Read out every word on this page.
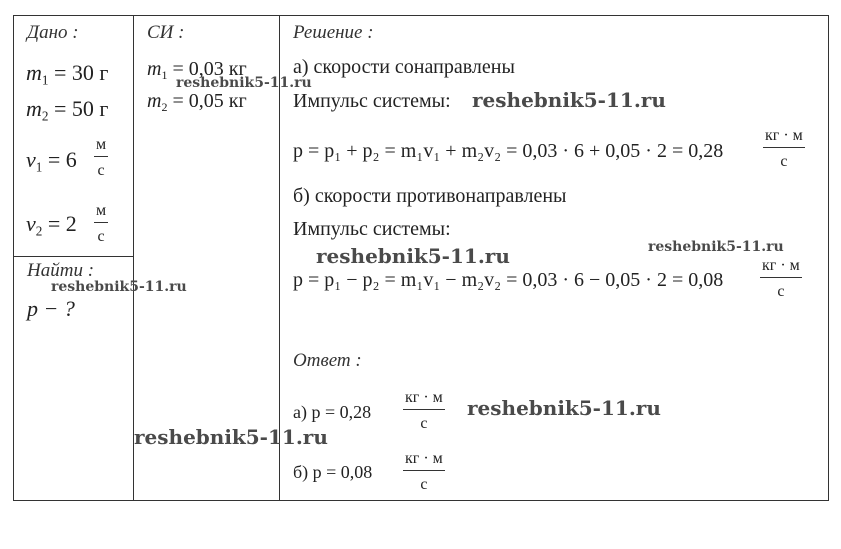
Дано :	СИ :	Решение :
$m_1 = 30$ г
$m_2 = 50$ г
$v_1 = 6$
м
с
$v_2 = 2$
м
с
Найти :
p − ?
$m_1 = 0,03$ кг
$m_2 = 0,05$ кг
а) скорости сонаправлены
Импульс системы:
p = p₁ + p₂ = m₁v₁ + m₂v₂ = 0,03 · 6 + 0,05 · 2 = 0,28
кг · м
с
б) скорости противонаправлены
Импульс системы:
p = p₁ − p₂ = m₁v₁ − m₂v₂ = 0,03 · 6 − 0,05 · 2 = 0,08
кг · м
с
Ответ :
а) p = 0,28
кг · м
с
б) p = 0,08
кг · м
с
reshebnik5-11.ru
reshebnik5-11.ru
reshebnik5-11.ru	reshebnik5-11.ru
reshebnik5-11.ru
reshebnik5-11.ru
reshebnik5-11.ru
